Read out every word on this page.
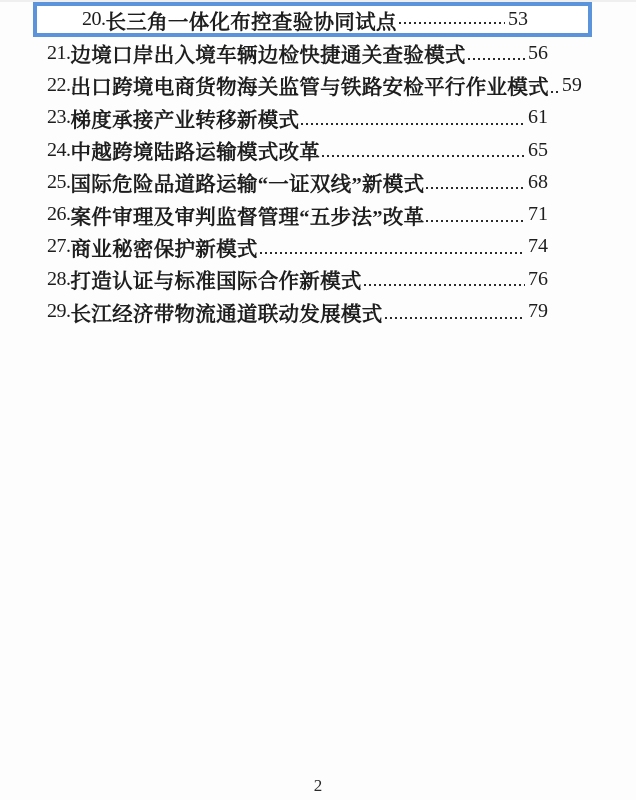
20. 长三角一体化布控查验协同试点	53
21. 边境口岸出入境车辆边检快捷通关查验模式	56
22. 出口跨境电商货物海关监管与铁路安检平行作业模式 59
23. 梯度承接产业转移新模式	61
24. 中越跨境陆路运输模式改革	65
25. 国际危险品道路运输“一证双线”新模式	68
26. 案件审理及审判监督管理“五步法”改革	71
27. 商业秘密保护新模式	74
28. 打造认证与标准国际合作新模式	76
29. 长江经济带物流通道联动发展模式	79
2
